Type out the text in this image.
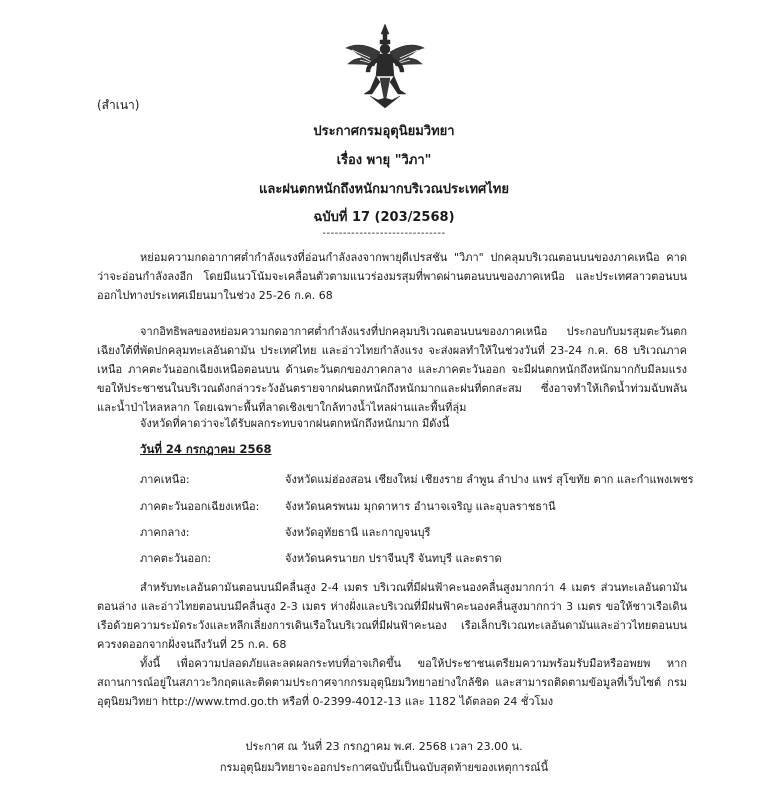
(สำเนา)
ประกาศกรมอุตุนิยมวิทยา
เรื่อง พายุ "วิภา"
และฝนตกหนักถึงหนักมากบริเวณประเทศไทย
ฉบับที่ 17 (203/2568)
------------------------------

หย่อมความกดอากาศต่ำกำลังแรงที่อ่อนกำลังลงจากพายุดีเปรสชัน "วิภา" ปกคลุมบริเวณตอนบนของภาคเหนือ คาดว่าจะอ่อนกำลังลงอีก โดยมีแนวโน้มจะเคลื่อนตัวตามแนวร่องมรสุมที่พาดผ่านตอนบนของภาคเหนือ และประเทศลาวตอนบน ออกไปทางประเทศเมียนมาในช่วง 25-26 ก.ค. 68

จากอิทธิพลของหย่อมความกดอากาศต่ำกำลังแรงที่ปกคลุมบริเวณตอนบนของภาคเหนือ ประกอบกับมรสุมตะวันตกเฉียงใต้ที่พัดปกคลุมทะเลอันดามัน ประเทศไทย และอ่าวไทยกำลังแรง จะส่งผลทำให้ในช่วงวันที่ 23-24 ก.ค. 68 บริเวณภาคเหนือ ภาคตะวันออกเฉียงเหนือตอนบน ด้านตะวันตกของภาคกลาง และภาคตะวันออก จะมีฝนตกหนักถึงหนักมากกับมีลมแรง ขอให้ประชาชนในบริเวณดังกล่าวระวังอันตรายจากฝนตกหนักถึงหนักมากและฝนที่ตกสะสม ซึ่งอาจทำให้เกิดน้ำท่วมฉับพลัน และน้ำป่าไหลหลาก โดยเฉพาะพื้นที่ลาดเชิงเขาใกล้ทางน้ำไหลผ่านและพื้นที่ลุ่ม

จังหวัดที่คาดว่าจะได้รับผลกระทบจากฝนตกหนักถึงหนักมาก มีดังนี้
วันที่ 24 กรกฎาคม 2568
ภาคเหนือ:	จังหวัดแม่ฮ่องสอน เชียงใหม่ เชียงราย ลำพูน ลำปาง แพร่ สุโขทัย ตาก และกำแพงเพชร
ภาคตะวันออกเฉียงเหนือ:	จังหวัดนครพนม มุกดาหาร อำนาจเจริญ และอุบลราชธานี
ภาคกลาง:	จังหวัดอุทัยธานี และกาญจนบุรี
ภาคตะวันออก:	จังหวัดนครนายก ปราจีนบุรี จันทบุรี และตราด

สำหรับทะเลอันดามันตอนบนมีคลื่นสูง 2-4 เมตร บริเวณที่มีฝนฟ้าคะนองคลื่นสูงมากกว่า 4 เมตร ส่วนทะเลอันดามันตอนล่าง และอ่าวไทยตอนบนมีคลื่นสูง 2-3 เมตร ห่างฝั่งและบริเวณที่มีฝนฟ้าคะนองคลื่นสูงมากกว่า 3 เมตร ขอให้ชาวเรือเดินเรือด้วยความระมัดระวังและหลีกเลี่ยงการเดินเรือในบริเวณที่มีฝนฟ้าคะนอง เรือเล็กบริเวณทะเลอันดามันและอ่าวไทยตอนบนควรงดออกจากฝั่งจนถึงวันที่ 25 ก.ค. 68

ทั้งนี้ เพื่อความปลอดภัยและลดผลกระทบที่อาจเกิดขึ้น ขอให้ประชาชนเตรียมความพร้อมรับมือหรืออพยพ หากสถานการณ์อยู่ในสภาวะวิกฤตและติดตามประกาศจากกรมอุตุนิยมวิทยาอย่างใกล้ชิด และสามารถติดตามข้อมูลที่เว็บไซต์ กรมอุตุนิยมวิทยา http://www.tmd.go.th หรือที่ 0-2399-4012-13 และ 1182 ได้ตลอด 24 ชั่วโมง

ประกาศ ณ วันที่ 23 กรกฎาคม พ.ศ. 2568 เวลา 23.00 น.
กรมอุตุนิยมวิทยาจะออกประกาศฉบับนี้เป็นฉบับสุดท้ายของเหตุการณ์นี้
